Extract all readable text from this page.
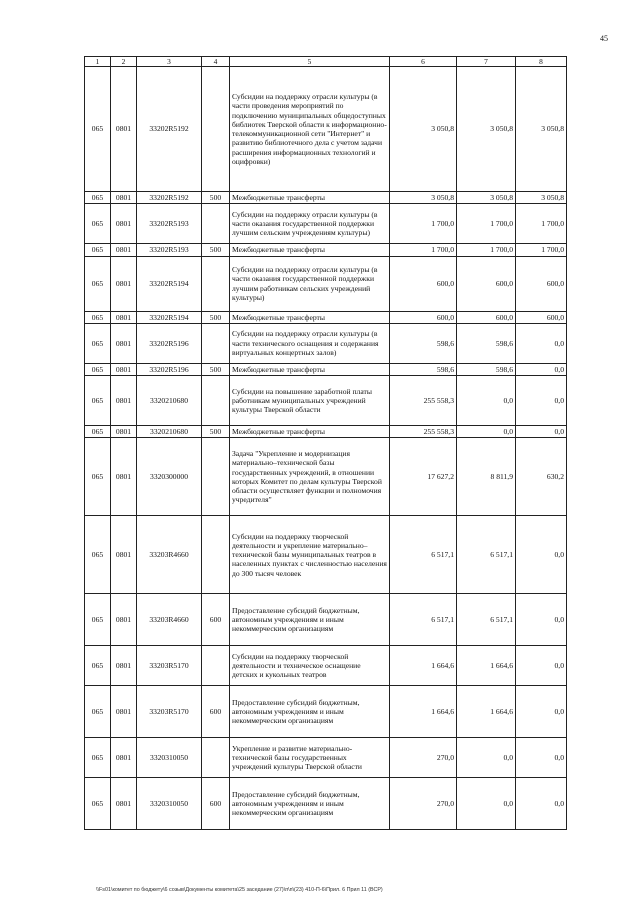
45
1	2	3	4	5	6	7	8
065	0801	33202R5192		Субсидии на поддержку отрасли культуры (в части проведения мероприятий по подключению муниципальных общедоступных библиотек Тверской области к информационно-телекоммуникационной сети "Интернет" и развитию библиотечного дела с учетом задачи расширения информационных технологий и оцифровки)	3 050,8	3 050,8	3 050,8
065	0801	33202R5192	500	Межбюджетные трансферты	3 050,8	3 050,8	3 050,8
065	0801	33202R5193		Субсидии на поддержку отрасли культуры (в части оказания государственной поддержки лучшим сельским учреждениям культуры)	1 700,0	1 700,0	1 700,0
065	0801	33202R5193	500	Межбюджетные трансферты	1 700,0	1 700,0	1 700,0
065	0801	33202R5194		Субсидии на поддержку отрасли культуры (в части оказания государственной поддержки лучшим работникам сельских учреждений культуры)	600,0	600,0	600,0
065	0801	33202R5194	500	Межбюджетные трансферты	600,0	600,0	600,0
065	0801	33202R5196		Субсидии на поддержку отрасли культуры (в части технического оснащения и содержания виртуальных концертных залов)	598,6	598,6	0,0
065	0801	33202R5196	500	Межбюджетные трансферты	598,6	598,6	0,0
065	0801	3320210680		Субсидии на повышение заработной платы работникам муниципальных учреждений культуры Тверской области	255 558,3	0,0	0,0
065	0801	3320210680	500	Межбюджетные трансферты	255 558,3	0,0	0,0
065	0801	3320300000		Задача "Укрепление и модернизация материально–технической базы государственных учреждений, в отношении которых Комитет по делам культуры Тверской области осуществляет функции и полномочия учредителя"	17 627,2	8 811,9	630,2
065	0801	33203R4660		Субсидии на поддержку творческой деятельности и укрепление материально–технической базы муниципальных театров в населенных пунктах с численностью населения до 300 тысяч человек	6 517,1	6 517,1	0,0
065	0801	33203R4660	600	Предоставление субсидий бюджетным, автономным учреждениям и иным некоммерческим организациям	6 517,1	6 517,1	0,0
065	0801	33203R5170		Субсидии на поддержку творческой деятельности и техническое оснащение детских и кукольных театров	1 664,6	1 664,6	0,0
065	0801	33203R5170	600	Предоставление субсидий бюджетным, автономным учреждениям и иным некоммерческим организациям	1 664,6	1 664,6	0,0
065	0801	3320310050		Укрепление и развитие материально-технической базы государственных учреждений культуры Тверской области	270,0	0,0	0,0
065	0801	3320310050	600	Предоставление субсидий бюджетным, автономным учреждениям и иным некоммерческим организациям	270,0	0,0	0,0
\\Fs01\комитет по бюджету\6 созыв\Документы комитета\25 заседание (27)\п\п\(23) 410-П-6\Прил. 6 Прил 11 (ВСР)
